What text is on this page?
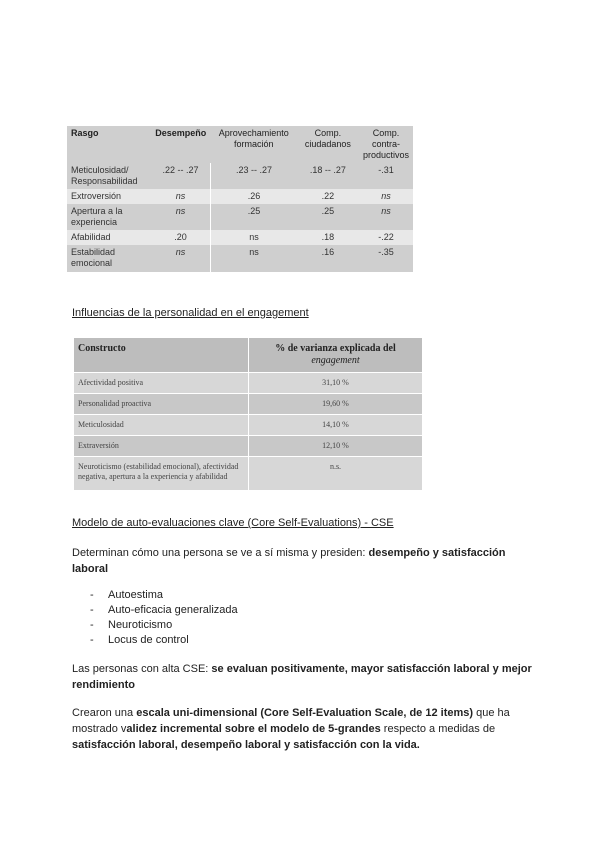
Rasgo	Desempeño	Aprovechamiento formación	Comp. ciudadanos	Comp. contra-productivos
Meticulosidad/ Responsabilidad	.22 -- .27	.23 -- .27	.18 -- .27	-.31
Extroversión	ns	.26	.22	ns
Apertura a la experiencia	ns	.25	.25	ns
Afabilidad	.20	ns	.18	-.22
Estabilidad emocional	ns	ns	.16	-.35
Influencias de la personalidad en el engagement
Constructo	% de varianza explicada del
engagement
Afectividad positiva	31,10 %
Personalidad proactiva	19,60 %
Meticulosidad	14,10 %
Extraversión	12,10 %
Neuroticismo (estabilidad emocional), afectividad negativa, apertura a la experiencia y afabilidad	n.s.
Modelo de auto-evaluaciones clave (Core Self-Evaluations) - CSE
Determinan cómo una persona se ve a sí misma y presiden: desempeño y satisfacción laboral
- Autoestima
- Auto-eficacia generalizada
- Neuroticismo
- Locus de control
Las personas con alta CSE: se evaluan positivamente, mayor satisfacción laboral y mejor rendimiento
Crearon una escala uni-dimensional (Core Self-Evaluation Scale, de 12 items) que ha mostrado validez incremental sobre el modelo de 5-grandes respecto a medidas de satisfacción laboral, desempeño laboral y satisfacción con la vida.
